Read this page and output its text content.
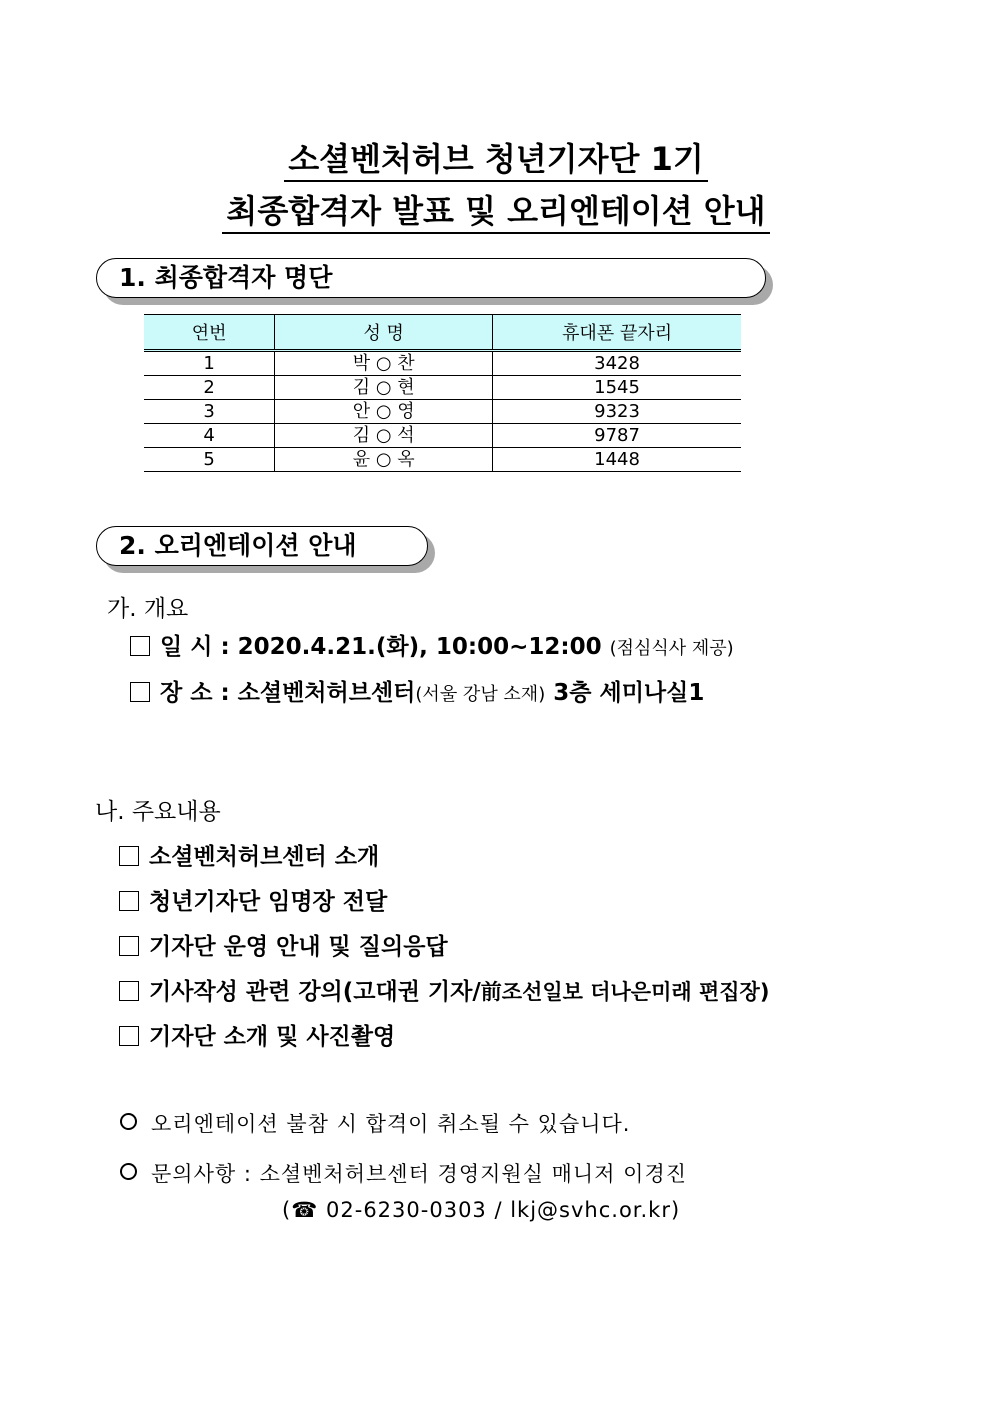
소셜벤처허브 청년기자단 1기
최종합격자 발표 및 오리엔테이션 안내
1. 최종합격자 명단
연번	성 명	휴대폰 끝자리
1	박 ○ 찬	3428
2	김 ○ 현	1545
3	안 ○ 영	9323
4	김 ○ 석	9787
5	윤 ○ 옥	1448
2. 오리엔테이션 안내
가. 개요
일 시 : 2020.4.21.(화), 10:00~12:00 (점심식사 제공)
장 소 : 소셜벤처허브센터(서울 강남 소재) 3층 세미나실1
나. 주요내용
소셜벤처허브센터 소개
청년기자단 임명장 전달
기자단 운영 안내 및 질의응답
기사작성 관련 강의(고대권 기자/前조선일보 더나은미래 편집장)
기자단 소개 및 사진촬영
오리엔테이션 불참 시 합격이 취소될 수 있습니다.
문의사항 : 소셜벤처허브센터 경영지원실 매니저 이경진
(☎ 02-6230-0303 / lkj@svhc.or.kr)
